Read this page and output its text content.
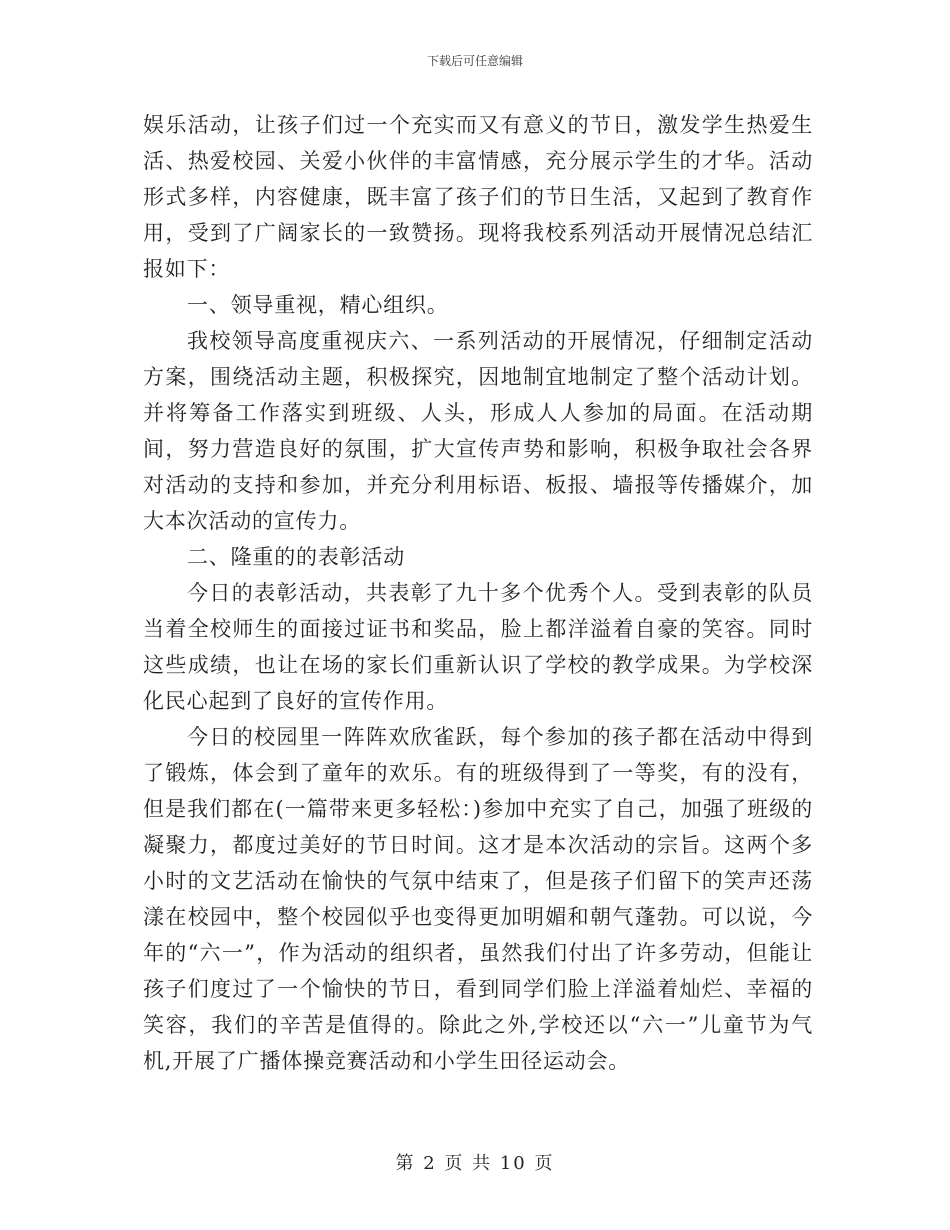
下载后可任意编辑

娱乐活动，让孩子们过一个充实而又有意义的节日，激发学生热爱生活、热爱校园、关爱小伙伴的丰富情感，充分展示学生的才华。活动形式多样，内容健康，既丰富了孩子们的节日生活，又起到了教育作用，受到了广阔家长的一致赞扬。现将我校系列活动开展情况总结汇报如下：

一、领导重视，精心组织。

我校领导高度重视庆六、一系列活动的开展情况，仔细制定活动方案，围绕活动主题，积极探究，因地制宜地制定了整个活动计划。并将筹备工作落实到班级、人头，形成人人参加的局面。在活动期间，努力营造良好的氛围，扩大宣传声势和影响，积极争取社会各界对活动的支持和参加，并充分利用标语、板报、墙报等传播媒介，加大本次活动的宣传力。

二、隆重的的表彰活动

今日的表彰活动，共表彰了九十多个优秀个人。受到表彰的队员当着全校师生的面接过证书和奖品，脸上都洋溢着自豪的笑容。同时这些成绩，也让在场的家长们重新认识了学校的教学成果。为学校深化民心起到了良好的宣传作用。

今日的校园里一阵阵欢欣雀跃，每个参加的孩子都在活动中得到了锻炼，体会到了童年的欢乐。有的班级得到了一等奖，有的没有，但是我们都在(一篇带来更多轻松：)参加中充实了自己，加强了班级的凝聚力，都度过美好的节日时间。这才是本次活动的宗旨。这两个多小时的文艺活动在愉快的气氛中结束了，但是孩子们留下的笑声还荡漾在校园中，整个校园似乎也变得更加明媚和朝气蓬勃。可以说，今年的“六一”，作为活动的组织者，虽然我们付出了许多劳动，但能让孩子们度过了一个愉快的节日，看到同学们脸上洋溢着灿烂、幸福的笑容，我们的辛苦是值得的。除此之外,学校还以“六一”儿童节为气机,开展了广播体操竞赛活动和小学生田径运动会。

第 2 页 共 10 页
